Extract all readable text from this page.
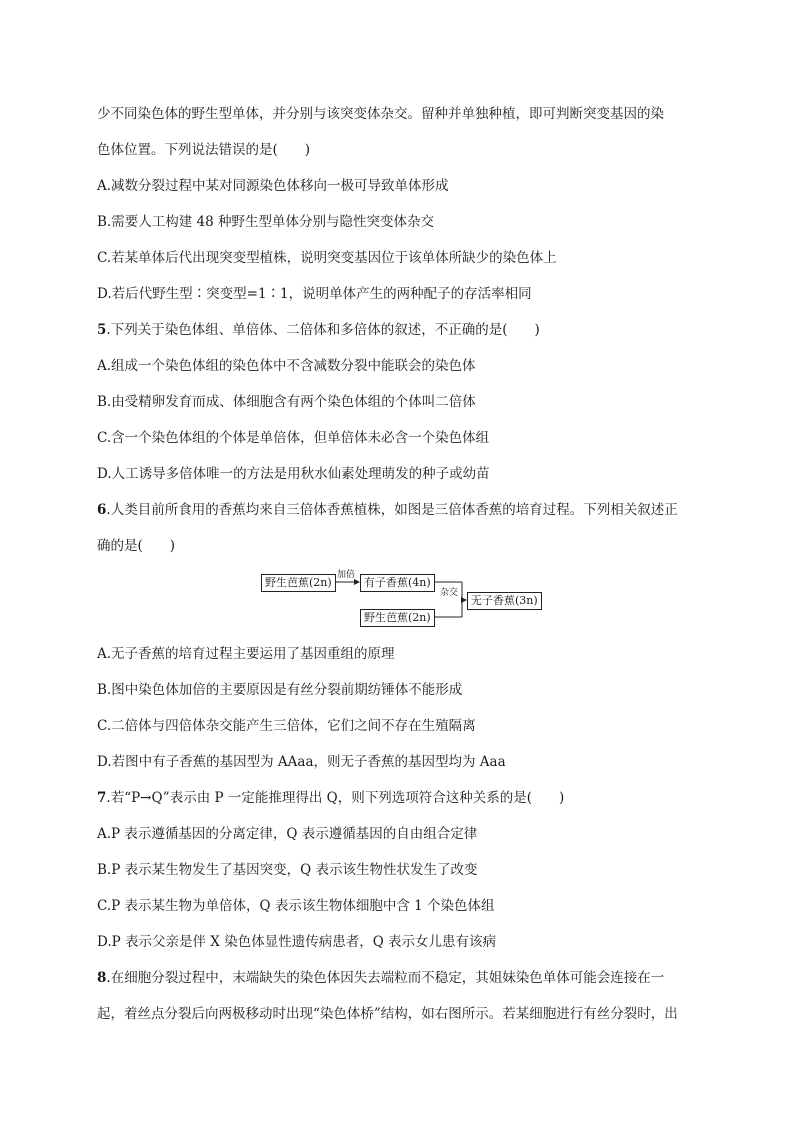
少不同染色体的野生型单体，并分别与该突变体杂交。留种并单独种植，即可判断突变基因的染
色体位置。下列说法错误的是(　　)
A.减数分裂过程中某对同源染色体移向一极可导致单体形成
B.需要人工构建 48 种野生型单体分别与隐性突变体杂交
C.若某单体后代出现突变型植株，说明突变基因位于该单体所缺少的染色体上
D.若后代野生型∶突变型=1∶1，说明单体产生的两种配子的存活率相同
5.下列关于染色体组、单倍体、二倍体和多倍体的叙述，不正确的是(　　)
A.组成一个染色体组的染色体中不含减数分裂中能联会的染色体
B.由受精卵发育而成、体细胞含有两个染色体组的个体叫二倍体
C.含一个染色体组的个体是单倍体，但单倍体未必含一个染色体组
D.人工诱导多倍体唯一的方法是用秋水仙素处理萌发的种子或幼苗
6.人类目前所食用的香蕉均来自三倍体香蕉植株，如图是三倍体香蕉的培育过程。下列相关叙述正
确的是(　　)
野生芭蕉(2n)
加倍
有子香蕉(4n)
野生芭蕉(2n)
杂交
无子香蕉(3n)
A.无子香蕉的培育过程主要运用了基因重组的原理
B.图中染色体加倍的主要原因是有丝分裂前期纺锤体不能形成
C.二倍体与四倍体杂交能产生三倍体，它们之间不存在生殖隔离
D.若图中有子香蕉的基因型为 AAaa，则无子香蕉的基因型均为 Aaa
7.若“P→Q”表示由 P 一定能推理得出 Q，则下列选项符合这种关系的是(　　)
A.P 表示遵循基因的分离定律，Q 表示遵循基因的自由组合定律
B.P 表示某生物发生了基因突变，Q 表示该生物性状发生了改变
C.P 表示某生物为单倍体，Q 表示该生物体细胞中含 1 个染色体组
D.P 表示父亲是伴 X 染色体显性遗传病患者，Q 表示女儿患有该病
8.在细胞分裂过程中，末端缺失的染色体因失去端粒而不稳定，其姐妹染色单体可能会连接在一
起，着丝点分裂后向两极移动时出现“染色体桥”结构，如右图所示。若某细胞进行有丝分裂时，出
